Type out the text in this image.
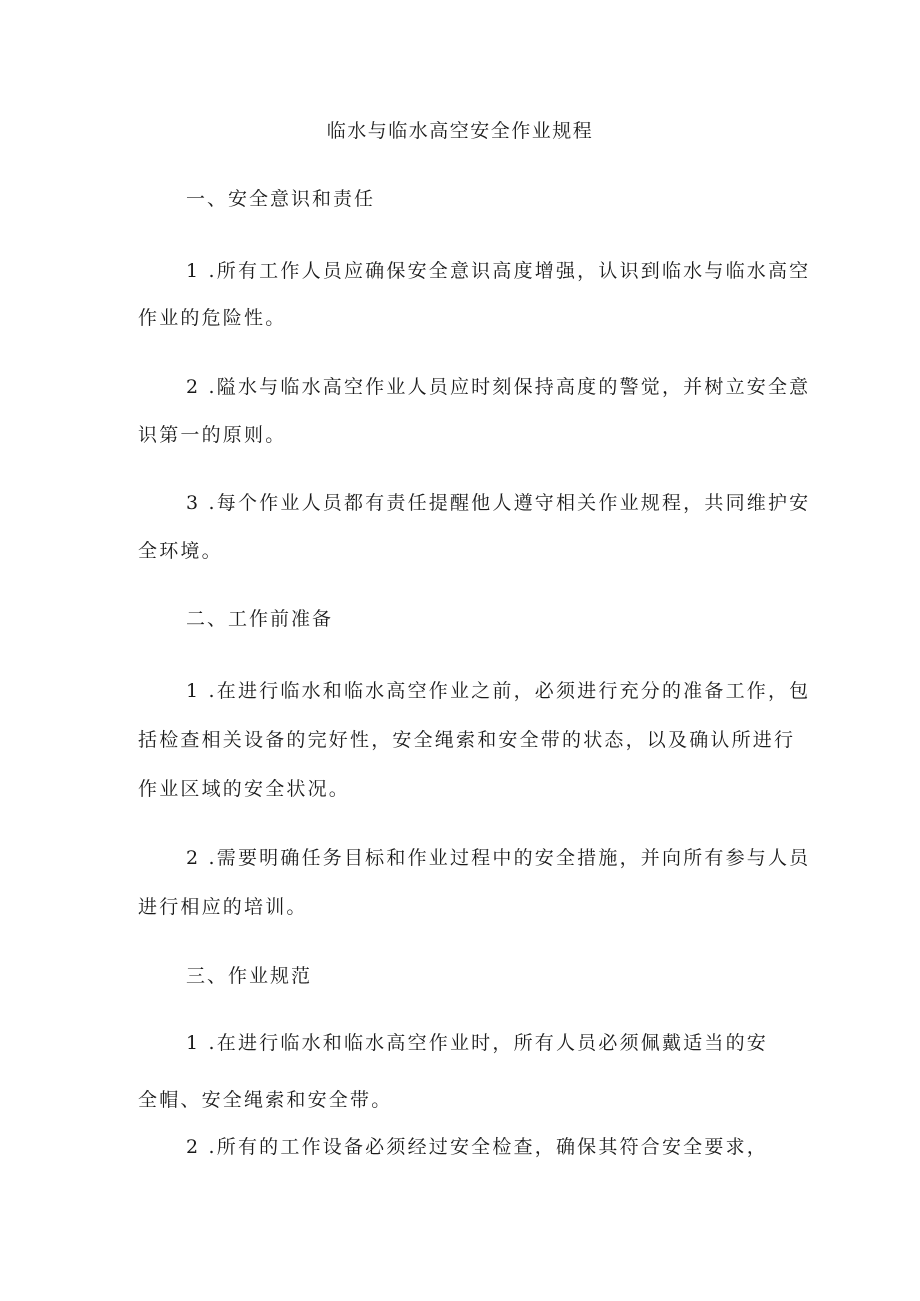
临水与临水高空安全作业规程
一、安全意识和责任
1 .所有工作人员应确保安全意识高度增强，认识到临水与临水高空
作业的危险性。
2 .隘水与临水高空作业人员应时刻保持高度的警觉，并树立安全意
识第一的原则。
3 .每个作业人员都有责任提醒他人遵守相关作业规程，共同维护安
全环境。
二、工作前准备
1 .在进行临水和临水高空作业之前，必须进行充分的准备工作，包
括检查相关设备的完好性，安全绳索和安全带的状态，以及确认所进行
作业区域的安全状况。
2 .需要明确任务目标和作业过程中的安全措施，并向所有参与人员
进行相应的培训。
三、作业规范
1 .在进行临水和临水高空作业时，所有人员必须佩戴适当的安
全帽、安全绳索和安全带。
2 .所有的工作设备必须经过安全检查，确保其符合安全要求，
